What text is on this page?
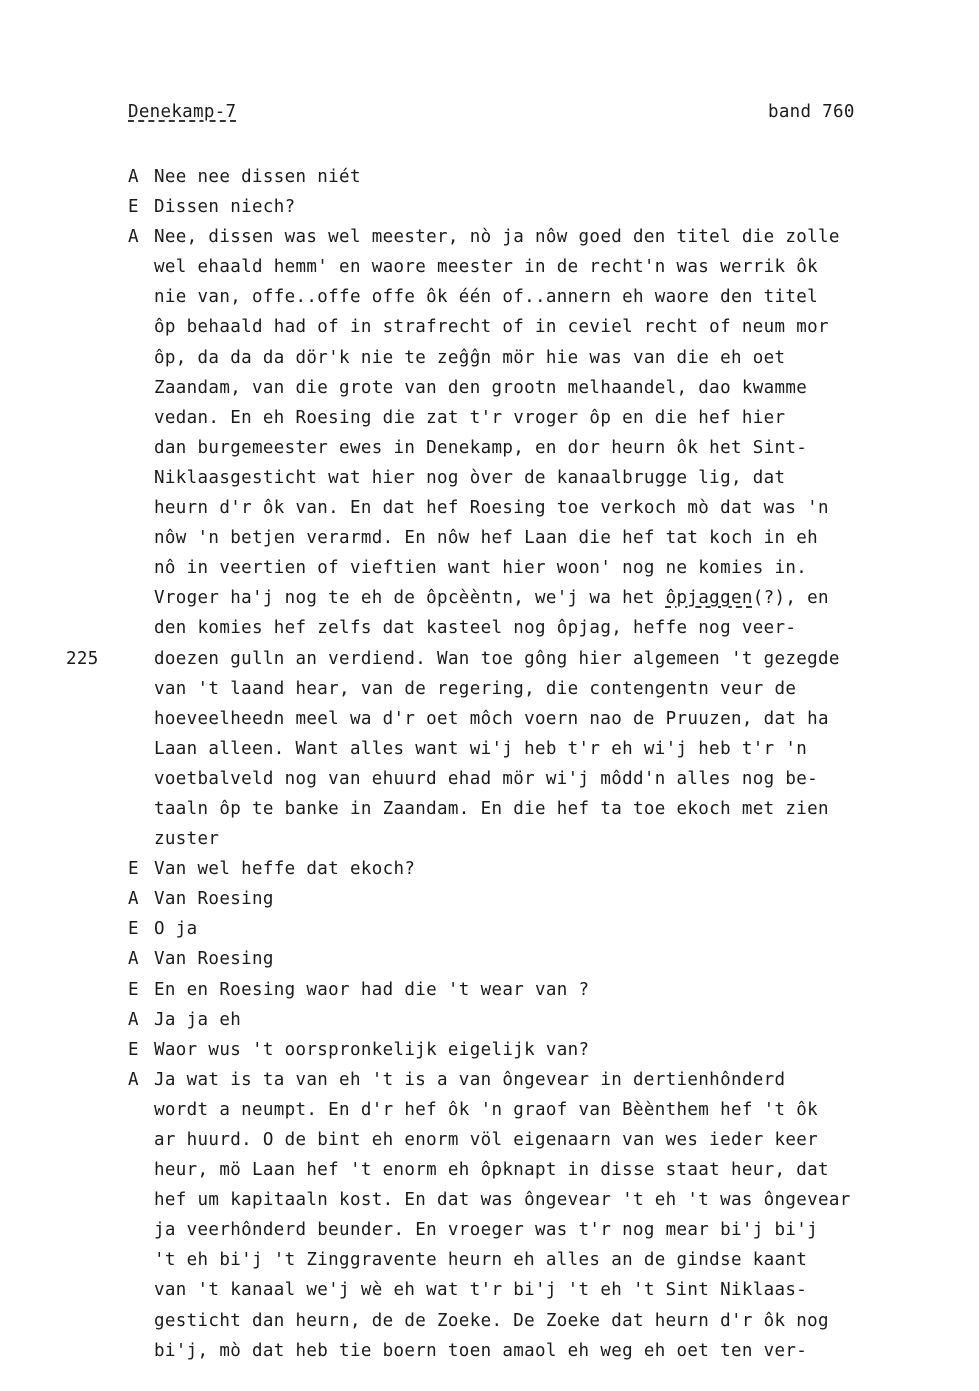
Denekamp-7	band 760
A Nee nee dissen niét
E Dissen niech?
A Nee, dissen was wel meester, nò ja nôw goed den titel die zolle
wel ehaald hemm' en waore meester in de recht'n was werrik ôk
nie van, offe..offe offe ôk één of..annern eh waore den titel
ôp behaald had of in strafrecht of in ceviel recht of neum mor
ôp, da da da dör'k nie te zeĝĝn mör hie was van die eh oet
Zaandam, van die grote van den grootn melhaandel, dao kwamme
vedan. En eh Roesing die zat t'r vroger ôp en die hef hier
dan burgemeester ewes in Denekamp, en dor heurn ôk het Sint-
Niklaasgesticht wat hier nog òver de kanaalbrugge lig, dat
heurn d'r ôk van. En dat hef Roesing toe verkoch mò dat was 'n
nôw 'n betjen verarmd. En nôw hef Laan die hef tat koch in eh
nô in veertien of vieftien want hier woon' nog ne komies in.
Vroger ha'j nog te eh de ôpcèèntn, we'j wa het ôpjaggen(?), en
den komies hef zelfs dat kasteel nog ôpjag, heffe nog veer-
225	doezen gulln an verdiend. Wan toe gông hier algemeen 't gezegde
van 't laand hear, van de regering, die contengentn veur de
hoeveelheedn meel wa d'r oet môch voern nao de Pruuzen, dat ha
Laan alleen. Want alles want wi'j heb t'r eh wi'j heb t'r 'n
voetbalveld nog van ehuurd ehad mör wi'j môdd'n alles nog be-
taaln ôp te banke in Zaandam. En die hef ta toe ekoch met zien
zuster
E Van wel heffe dat ekoch?
A Van Roesing
E O ja
A Van Roesing
E En en Roesing waor had die 't wear van ?
A Ja ja eh
E Waor wus 't oorspronkelijk eigelijk van?
A Ja wat is ta van eh 't is a van ôngevear in dertienhônderd
wordt a neumpt. En d'r hef ôk 'n graof van Bèènthem hef 't ôk
ar huurd. O de bint eh enorm völ eigenaarn van wes ieder keer
heur, mö Laan hef 't enorm eh ôpknapt in disse staat heur, dat
hef um kapitaaln kost. En dat was ôngevear 't eh 't was ôngevear
ja veerhônderd beunder. En vroeger was t'r nog mear bi'j bi'j
't eh bi'j 't Zinggravente heurn eh alles an de gindse kaant
van 't kanaal we'j wè eh wat t'r bi'j 't eh 't Sint Niklaas-
gesticht dan heurn, de de Zoeke. De Zoeke dat heurn d'r ôk nog
bi'j, mò dat heb tie boern toen amaol eh weg eh oet ten ver-
